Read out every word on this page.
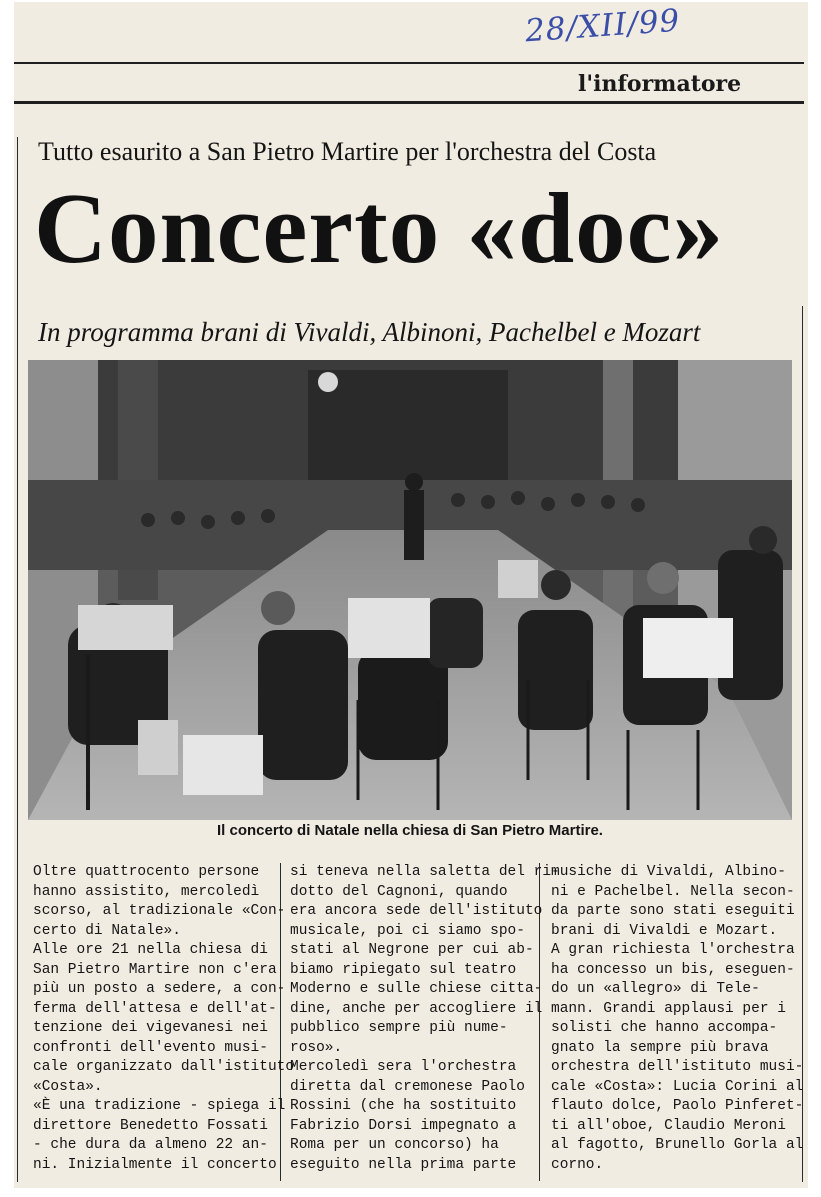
28/XII/99
l'informatore
Tutto esaurito a San Pietro Martire per l'orchestra del Costa
Concerto «doc»
In programma brani di Vivaldi, Albinoni, Pachelbel e Mozart
Il concerto di Natale nella chiesa di San Pietro Martire.

Oltre quattrocento persone

hanno assistito, mercoledì

scorso, al tradizionale «Con-

certo di Natale».

Alle ore 21 nella chiesa di

San Pietro Martire non c'era

più un posto a sedere, a con-

ferma dell'attesa e dell'at-

tenzione dei vigevanesi nei

confronti dell'evento musi-

cale organizzato dall'istituto

«Costa».

«È una tradizione - spiega il

direttore Benedetto Fossati

- che dura da almeno 22 an-

ni. Inizialmente il concerto

si teneva nella saletta del ri-

dotto del Cagnoni, quando

era ancora sede dell'istituto

musicale, poi ci siamo spo-

stati al Negrone per cui ab-

biamo ripiegato sul teatro

Moderno e sulle chiese citta-

dine, anche per accogliere il

pubblico sempre più nume-

roso».

Mercoledì sera l'orchestra

diretta dal cremonese Paolo

Rossini (che ha sostituito

Fabrizio Dorsi impegnato a

Roma per un concorso) ha

eseguito nella prima parte

musiche di Vivaldi, Albino-

ni e Pachelbel. Nella secon-

da parte sono stati eseguiti

brani di Vivaldi e Mozart.

A gran richiesta l'orchestra

ha concesso un bis, eseguen-

do un «allegro» di Tele-

mann. Grandi applausi per i

solisti che hanno accompa-

gnato la sempre più brava

orchestra dell'istituto musi-

cale «Costa»: Lucia Corini al

flauto dolce, Paolo Pinferet-

ti all'oboe, Claudio Meroni

al fagotto, Brunello Gorla al

corno.
